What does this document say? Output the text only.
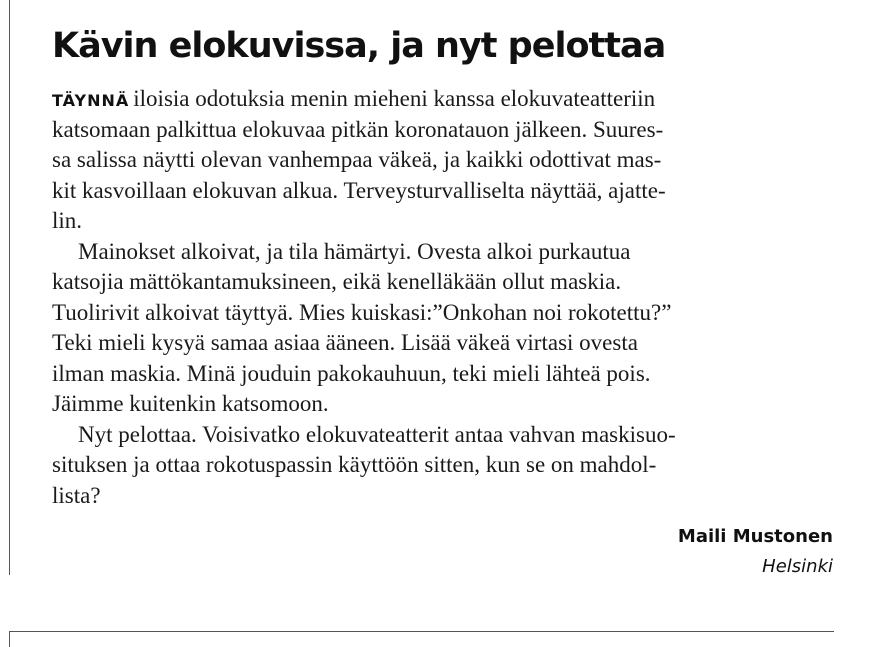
Kävin elokuvissa, ja nyt pelottaa
TÄYNNÄ iloisia odotuksia menin mieheni kanssa elokuvateatteriin
katsomaan palkittua elokuvaa pitkän koronatauon jälkeen. Suures-
sa salissa näytti olevan vanhempaa väkeä, ja kaikki odottivat mas-
kit kasvoillaan elokuvan alkua. Terveysturvalliselta näyttää, ajatte-
lin.
Mainokset alkoivat, ja tila hämärtyi. Ovesta alkoi purkautua
katsojia mättökantamuksineen, eikä kenelläkään ollut maskia.
Tuolirivit alkoivat täyttyä. Mies kuiskasi:”Onkohan noi rokotettu?”
Teki mieli kysyä samaa asiaa ääneen. Lisää väkeä virtasi ovesta
ilman maskia. Minä jouduin pakokauhuun, teki mieli lähteä pois.
Jäimme kuitenkin katsomoon.
Nyt pelottaa. Voisivatko elokuvateatterit antaa vahvan maskisuo-
situksen ja ottaa rokotuspassin käyttöön sitten, kun se on mahdol-
lista?
Maili Mustonen
Helsinki
